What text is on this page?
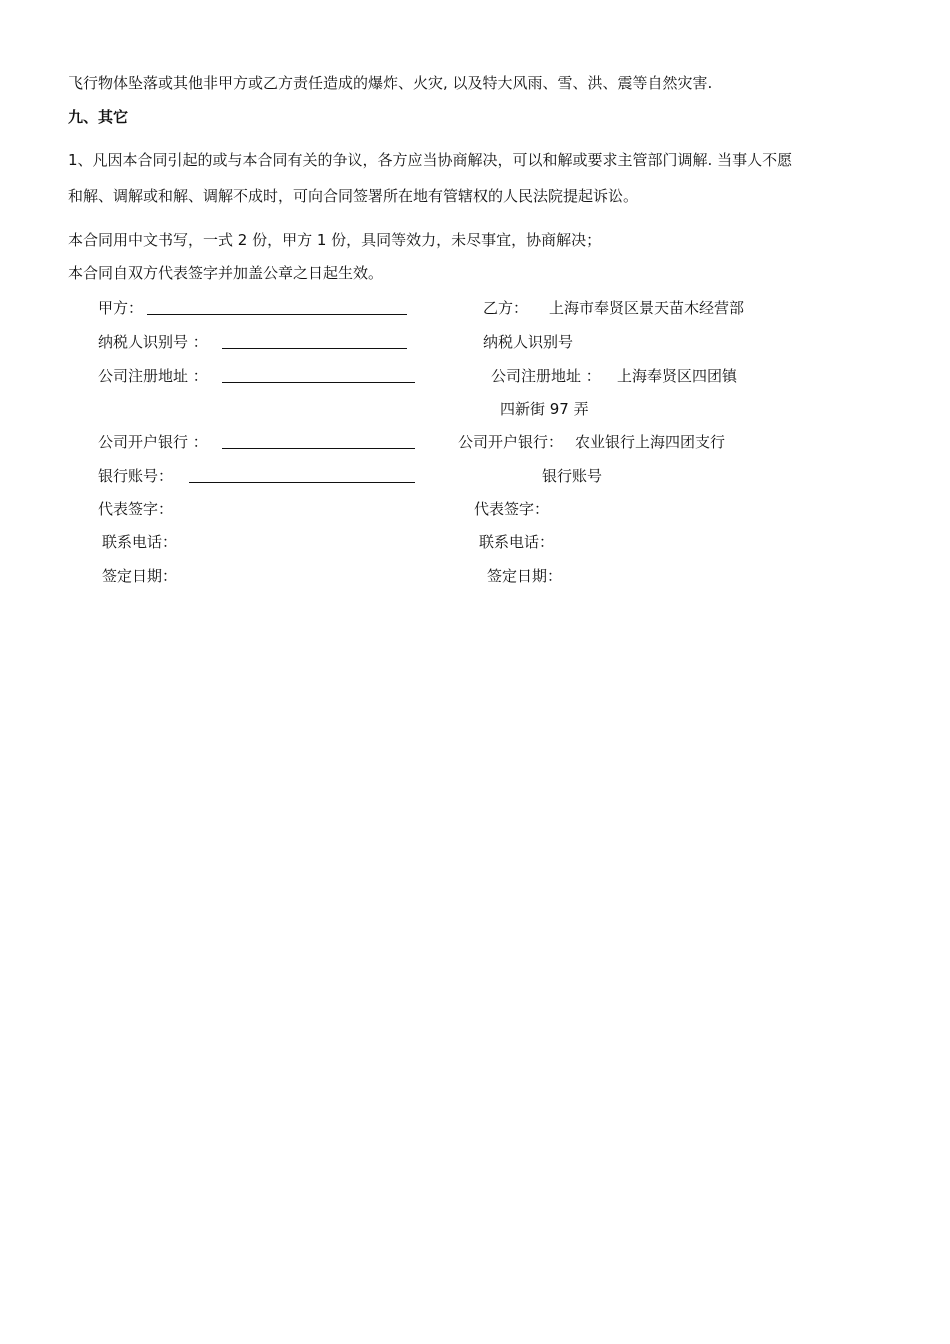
飞行物体坠落或其他非甲方或乙方责任造成的爆炸、火灾, 以及特大风雨、雪、洪、震等自然灾害.
九、其它
1、凡因本合同引起的或与本合同有关的争议，各方应当协商解决，可以和解或要求主管部门调解. 当事人不愿
和解、调解或和解、调解不成时，可向合同签署所在地有管辖权的人民法院提起诉讼。
本合同用中文书写，一式 2 份，甲方 1 份，具同等效力，未尽事宜，协商解决；
本合同自双方代表签字并加盖公章之日起生效。
甲方：
纳税人识别号 ：
公司注册地址 ：
公司开户银行 ：
银行账号：
代表签字：
联系电话：
签定日期：
乙方： 上海市奉贤区景天苗木经营部
纳税人识别号
公司注册地址 ： 上海奉贤区四团镇
四新街 97 弄
公司开户银行： 农业银行上海四团支行
银行账号
代表签字：
联系电话：
签定日期：
